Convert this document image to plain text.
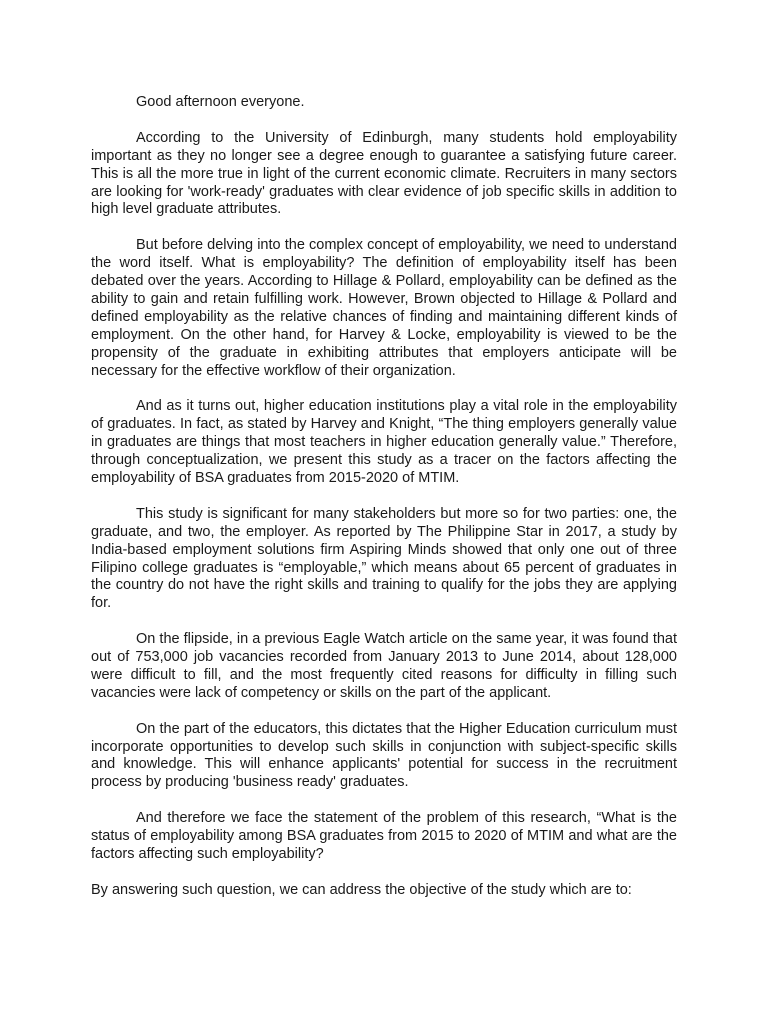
Good afternoon everyone.

According to the University of Edinburgh, many students hold employability important as they no longer see a degree enough to guarantee a satisfying future career. This is all the more true in light of the current economic climate. Recruiters in many sectors are looking for 'work-ready' graduates with clear evidence of job specific skills in addition to high level graduate attributes.

But before delving into the complex concept of employability, we need to understand the word itself. What is employability? The definition of employability itself has been debated over the years. According to Hillage & Pollard, employability can be defined as the ability to gain and retain fulfilling work. However, Brown objected to Hillage & Pollard and defined employability as the relative chances of finding and maintaining different kinds of employment. On the other hand, for Harvey & Locke, employability is viewed to be the propensity of the graduate in exhibiting attributes that employers anticipate will be necessary for the effective workflow of their organization.

And as it turns out, higher education institutions play a vital role in the employability of graduates. In fact, as stated by Harvey and Knight, “The thing employers generally value in graduates are things that most teachers in higher education generally value.” Therefore, through conceptualization, we present this study as a tracer on the factors affecting the employability of BSA graduates from 2015-2020 of MTIM.

This study is significant for many stakeholders but more so for two parties: one, the graduate, and two, the employer. As reported by The Philippine Star in 2017, a study by India-based employment solutions firm Aspiring Minds showed that only one out of three Filipino college graduates is “employable,” which means about 65 percent of graduates in the country do not have the right skills and training to qualify for the jobs they are applying for.

On the flipside, in a previous Eagle Watch article on the same year, it was found that out of 753,000 job vacancies recorded from January 2013 to June 2014, about 128,000 were difficult to fill, and the most frequently cited reasons for difficulty in filling such vacancies were lack of competency or skills on the part of the applicant.

On the part of the educators, this dictates that the Higher Education curriculum must incorporate opportunities to develop such skills in conjunction with subject-specific skills and knowledge. This will enhance applicants' potential for success in the recruitment process by producing 'business ready' graduates.

And therefore we face the statement of the problem of this research, “What is the status of employability among BSA graduates from 2015 to 2020 of MTIM and what are the factors affecting such employability?

By answering such question, we can address the objective of the study which are to:
